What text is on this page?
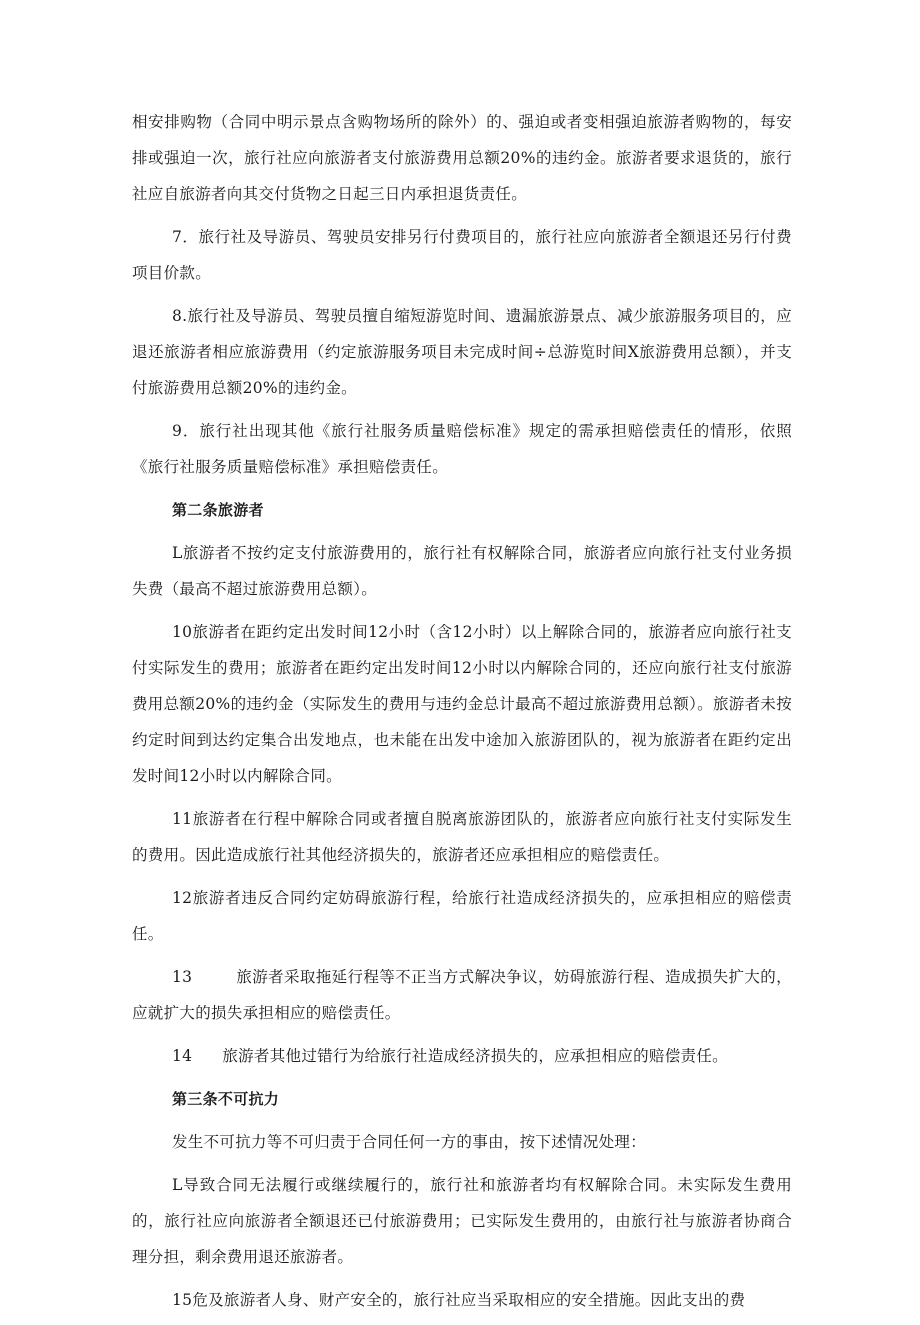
相安排购物（合同中明示景点含购物场所的除外）的、强迫或者变相强迫旅游者购物的，每安排或强迫一次，旅行社应向旅游者支付旅游费用总额20%的违约金。旅游者要求退货的，旅行社应自旅游者向其交付货物之日起三日内承担退货责任。

7．旅行社及导游员、驾驶员安排另行付费项目的，旅行社应向旅游者全额退还另行付费项目价款。

8.旅行社及导游员、驾驶员擅自缩短游览时间、遗漏旅游景点、减少旅游服务项目的，应退还旅游者相应旅游费用（约定旅游服务项目未完成时间÷总游览时间X旅游费用总额），并支付旅游费用总额20%的违约金。

9．旅行社出现其他《旅行社服务质量赔偿标准》规定的需承担赔偿责任的情形，依照《旅行社服务质量赔偿标准》承担赔偿责任。

第二条旅游者

L旅游者不按约定支付旅游费用的，旅行社有权解除合同，旅游者应向旅行社支付业务损失费（最高不超过旅游费用总额）。

10旅游者在距约定出发时间12小时（含12小时）以上解除合同的，旅游者应向旅行社支付实际发生的费用；旅游者在距约定出发时间12小时以内解除合同的，还应向旅行社支付旅游费用总额20%的违约金（实际发生的费用与违约金总计最高不超过旅游费用总额）。旅游者未按约定时间到达约定集合出发地点，也未能在出发中途加入旅游团队的，视为旅游者在距约定出发时间12小时以内解除合同。

11旅游者在行程中解除合同或者擅自脱离旅游团队的，旅游者应向旅行社支付实际发生的费用。因此造成旅行社其他经济损失的，旅游者还应承担相应的赔偿责任。

12旅游者违反合同约定妨碍旅游行程，给旅行社造成经济损失的，应承担相应的赔偿责任。

13	旅游者采取拖延行程等不正当方式解决争议，妨碍旅游行程、造成损失扩大的，应就扩大的损失承担相应的赔偿责任。

14 旅游者其他过错行为给旅行社造成经济损失的，应承担相应的赔偿责任。

第三条不可抗力

发生不可抗力等不可归责于合同任何一方的事由，按下述情况处理：

L导致合同无法履行或继续履行的，旅行社和旅游者均有权解除合同。未实际发生费用的，旅行社应向旅游者全额退还已付旅游费用；已实际发生费用的，由旅行社与旅游者协商合理分担，剩余费用退还旅游者。

15危及旅游者人身、财产安全的，旅行社应当采取相应的安全措施。因此支出的费
